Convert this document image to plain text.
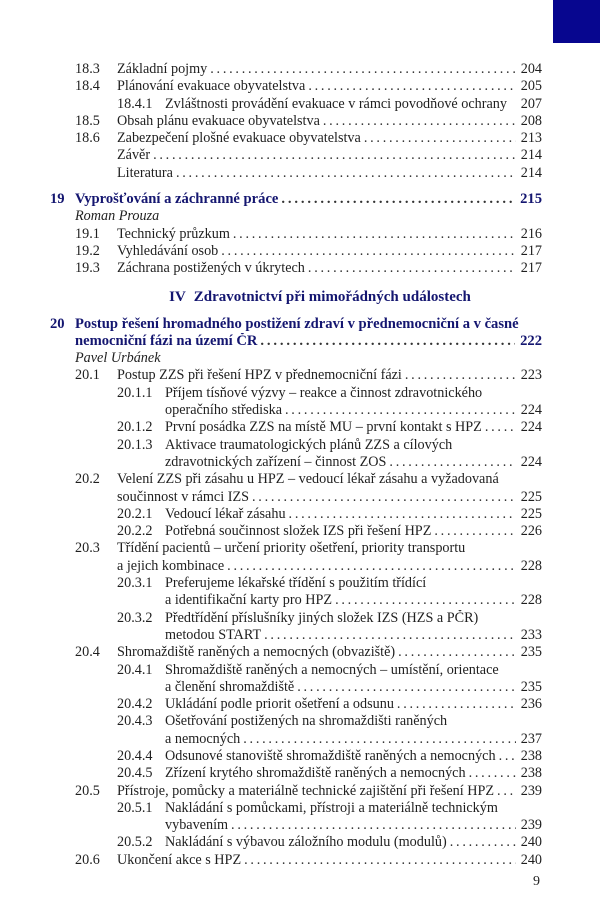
18.3 Základní pojmy . . .	204
18.4 Plánování evakuace obyvatelstva . . .	205
18.4.1 Zvláštnosti provádění evakuace v rámci povodňové ochrany 207
18.5 Obsah plánu evakuace obyvatelstva . . .	208
18.6 Zabezpečení plošné evakuace obyvatelstva . . .	213
Závěr . . .	214
Literatura . . .	214
19 Vyprošťování a záchranné práce . . .	215
Roman Prouza
19.1 Technický průzkum . . .	216
19.2 Vyhledávání osob . . .	217
19.3 Záchrana postižených v úkrytech . . .	217
IV Zdravotnictví při mimořádných událostech
20 Postup řešení hromadného postižení zdraví v přednemocniční a v časné
nemocniční fázi na území ČR . . .	222
Pavel Urbánek
20.1 Postup ZZS při řešení HPZ v přednemocniční fázi . . .	223
20.1.1 Příjem tísňové výzvy – reakce a činnost zdravotnického
operačního střediska . . .	224
20.1.2 První posádka ZZS na místě MU – první kontakt s HPZ . . .	224
20.1.3 Aktivace traumatologických plánů ZZS a cílových
zdravotnických zařízení – činnost ZOS . . .	224
20.2 Velení ZZS při zásahu u HPZ – vedoucí lékař zásahu a vyžadovaná
součinnost v rámci IZS . . .	225
20.2.1 Vedoucí lékař zásahu . . .	225
20.2.2 Potřebná součinnost složek IZS při řešení HPZ . . .	226
20.3 Třídění pacientů – určení priority ošetření, priority transportu
a jejich kombinace . . .	228
20.3.1 Preferujeme lékařské třídění s použitím třídící
a identifikační karty pro HPZ . . .	228
20.3.2 Předtřídění příslušníky jiných složek IZS (HZS a PČR)
metodou START . . .	233
20.4 Shromaždiště raněných a nemocných (obvaziště) . . .	235
20.4.1 Shromaždiště raněných a nemocných – umístění, orientace
a členění shromaždiště . . .	235
20.4.2 Ukládání podle priorit ošetření a odsunu . . .	236
20.4.3 Ošetřování postižených na shromaždišti raněných
a nemocných . . .	237
20.4.4 Odsunové stanoviště shromaždiště raněných a nemocných . . . 238
20.4.5 Zřízení krytého shromaždiště raněných a nemocných . . .	238
20.5 Přístroje, pomůcky a materiálně technické zajištění při řešení HPZ . . . 239
20.5.1 Nakládání s pomůckami, přístroji a materiálně technickým
vybavením . . .	239
20.5.2 Nakládání s výbavou záložního modulu (modulů) . . .	240
20.6 Ukončení akce s HPZ . . .	240
9
